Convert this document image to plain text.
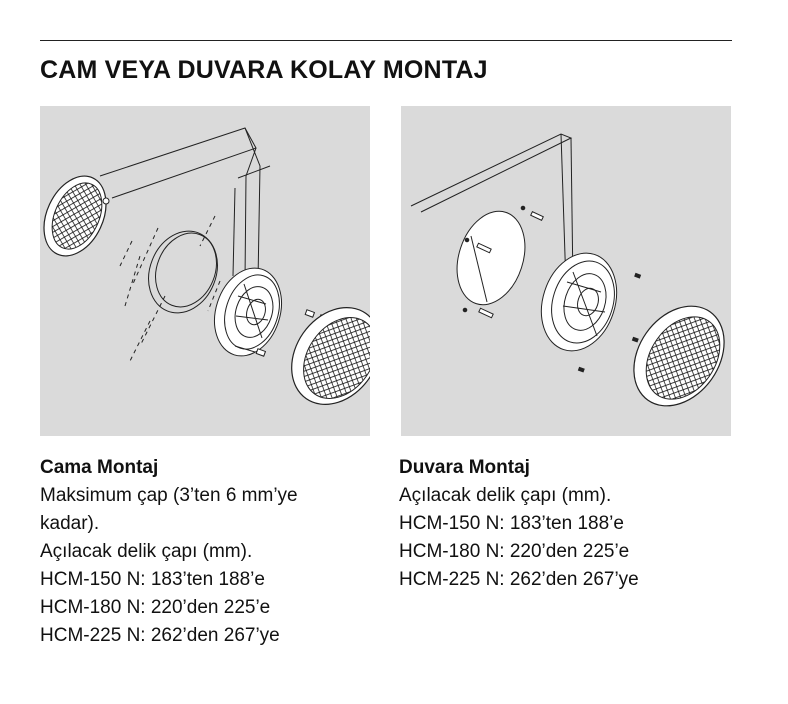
CAM VEYA DUVARA KOLAY MONTAJ
Cama Montaj
Maksimum çap (3’ten 6 mm’ye
kadar).
Açılacak delik çapı (mm).
HCM-150 N: 183’ten 188’e
HCM-180 N: 220’den 225’e
HCM-225 N: 262’den 267’ye
Duvara Montaj
Açılacak delik çapı (mm).
HCM-150 N: 183’ten 188’e
HCM-180 N: 220’den 225’e
HCM-225 N: 262’den 267’ye
